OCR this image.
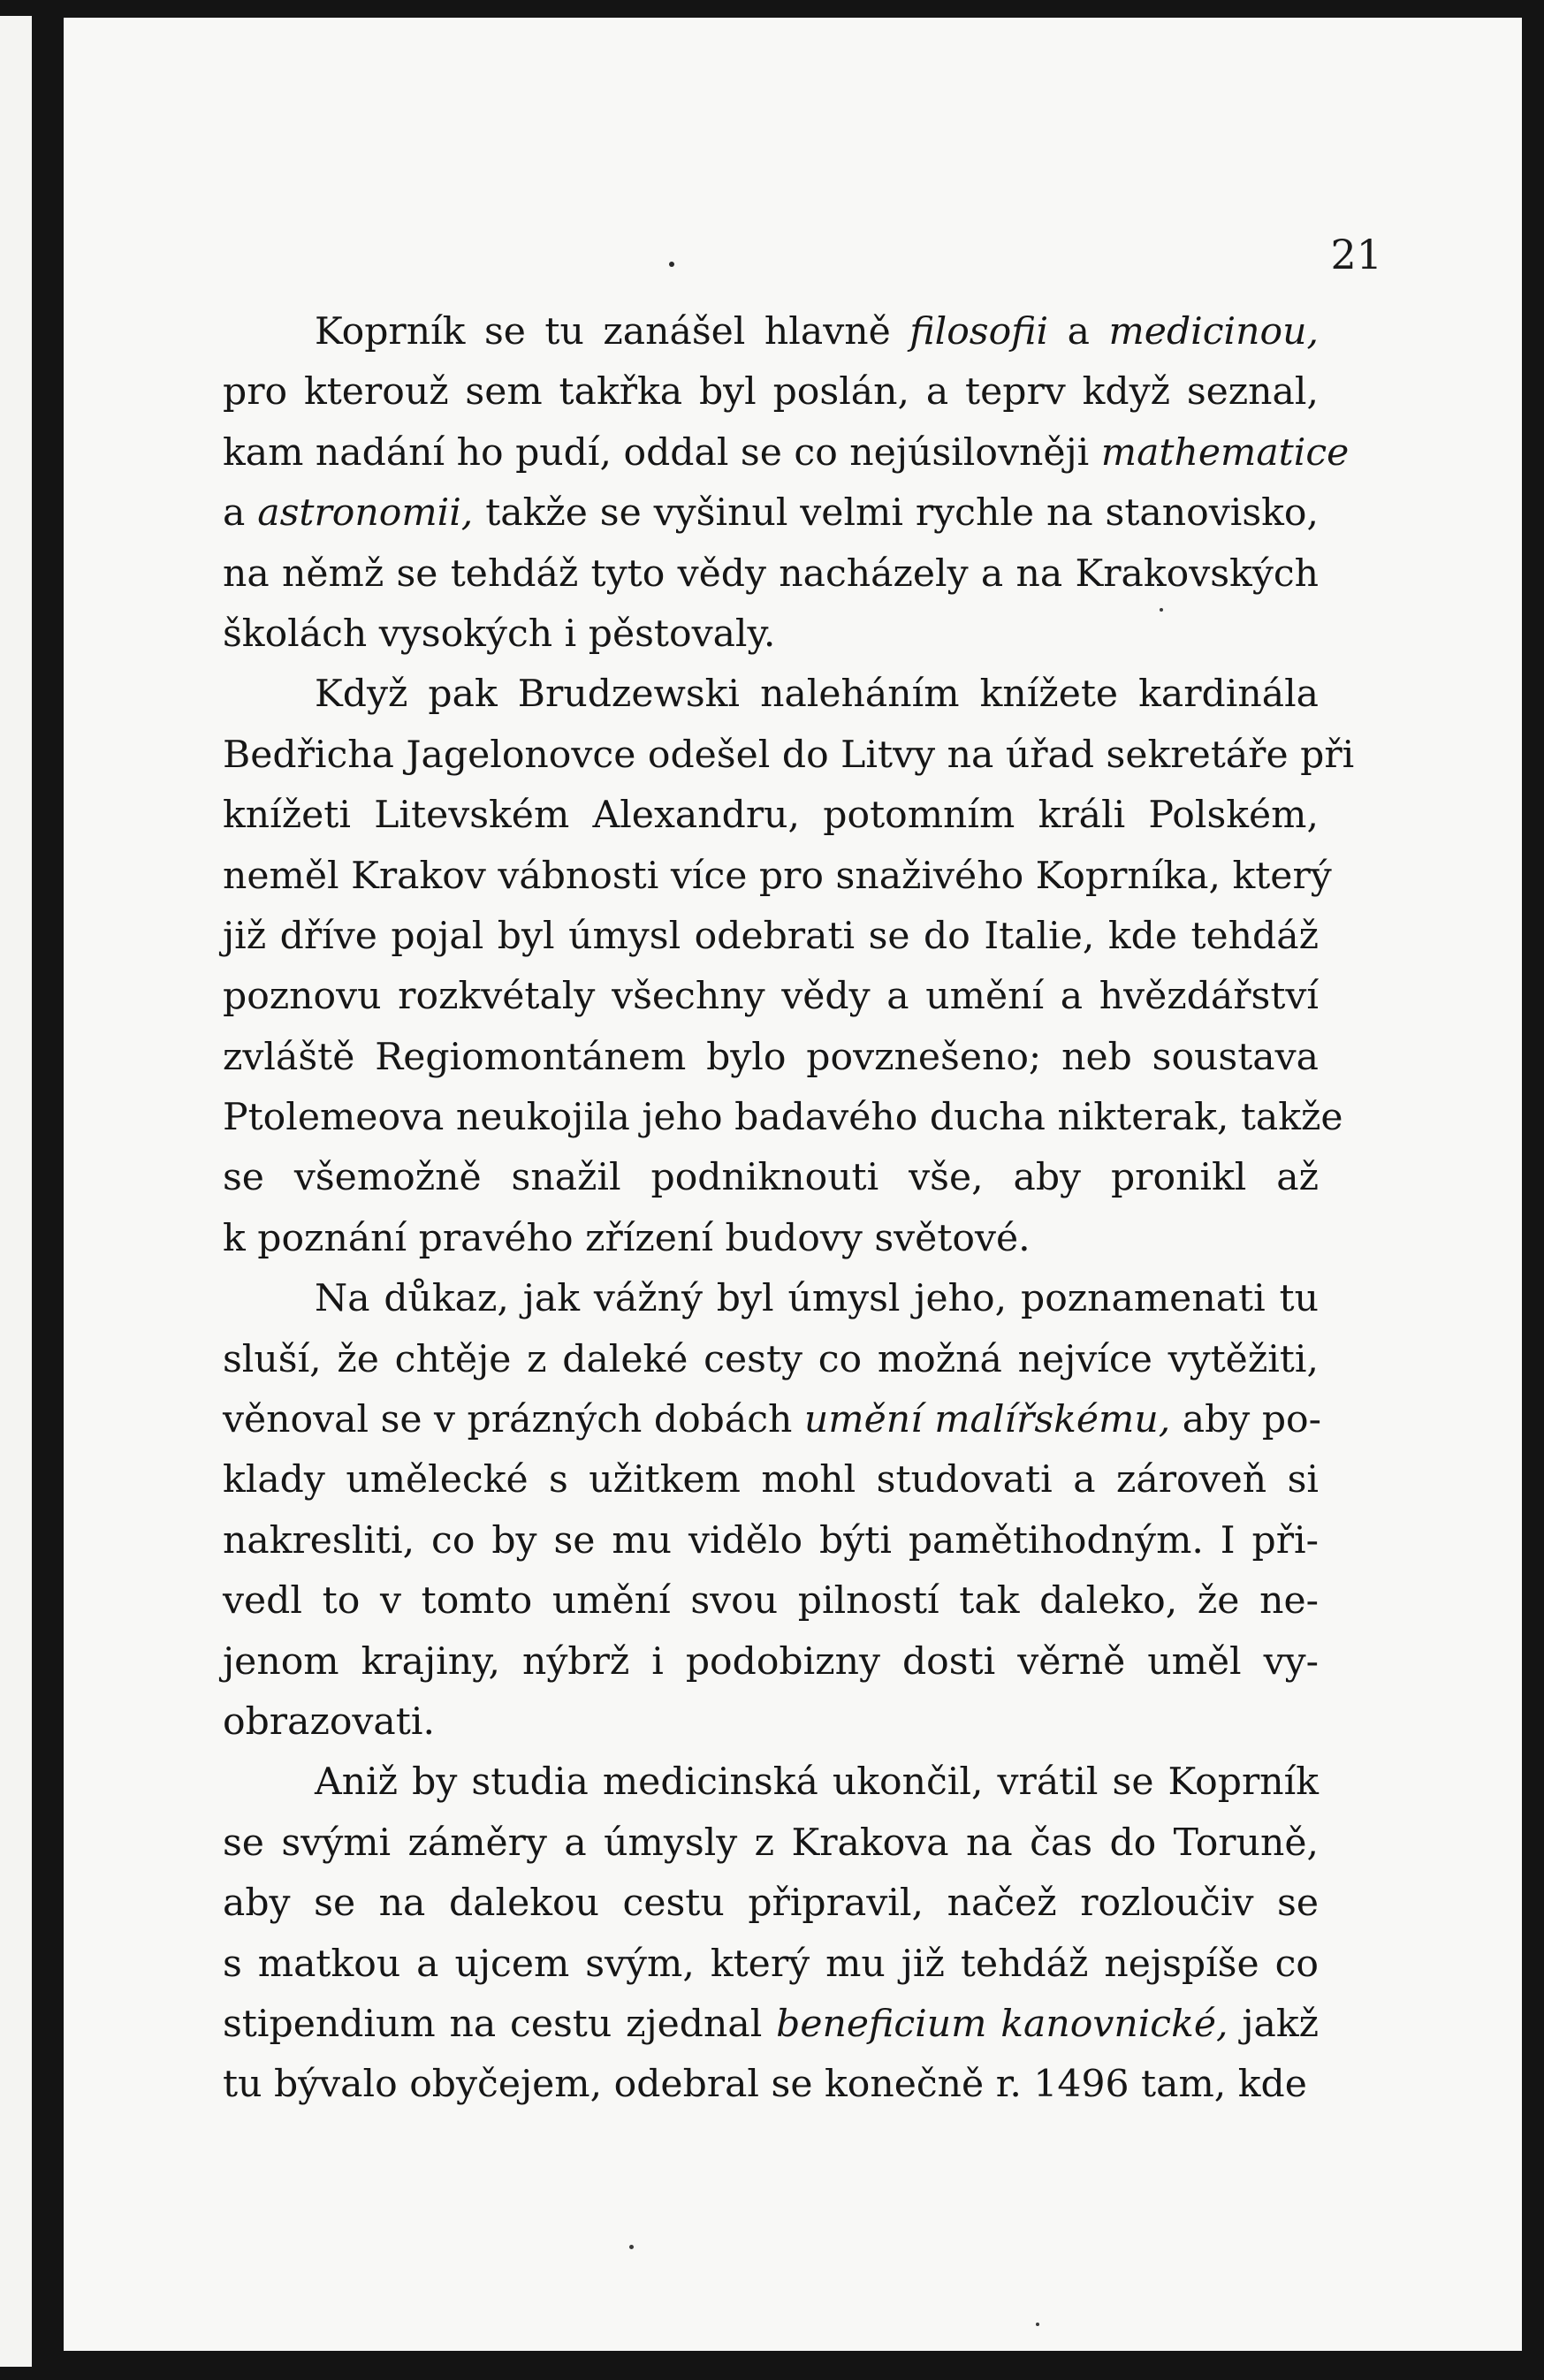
21
Koprník se tu zanášel hlavně filosofii a medicinou,
pro kterouž sem takřka byl poslán, a teprv když seznal,
kam nadání ho pudí, oddal se co nejúsilovněji mathematice
a astronomii, takže se vyšinul velmi rychle na stanovisko,
na němž se tehdáž tyto vědy nacházely a na Krakovských
školách vysokých i pěstovaly.
Když pak Brudzewski naleháním knížete kardinála
Bedřicha Jagelonovce odešel do Litvy na úřad sekretáře při
knížeti Litevském Alexandru, potomním králi Polském,
neměl Krakov vábnosti více pro snaživého Koprníka, který
již dříve pojal byl úmysl odebrati se do Italie, kde tehdáž
poznovu rozkvétaly všechny vědy a umění a hvězdářství
zvláště Regiomontánem bylo povznešeno; neb soustava
Ptolemeova neukojila jeho badavého ducha nikterak, takže
se všemožně snažil podniknouti vše, aby pronikl až
k poznání pravého zřízení budovy světové.
Na důkaz, jak vážný byl úmysl jeho, poznamenati tu
sluší, že chtěje z daleké cesty co možná nejvíce vytěžiti,
věnoval se v prázných dobách umění malířskému, aby po-
klady umělecké s užitkem mohl studovati a zároveň si
nakresliti, co by se mu vidělo býti pamětihodným. I při-
vedl to v tomto umění svou pilností tak daleko, že ne-
jenom krajiny, nýbrž i podobizny dosti věrně uměl vy-
obrazovati.
Aniž by studia medicinská ukončil, vrátil se Koprník
se svými záměry a úmysly z Krakova na čas do Toruně,
aby se na dalekou cestu připravil, načež rozloučiv se
s matkou a ujcem svým, který mu již tehdáž nejspíše co
stipendium na cestu zjednal beneficium kanovnické, jakž
tu bývalo obyčejem, odebral se konečně r. 1496 tam, kde
